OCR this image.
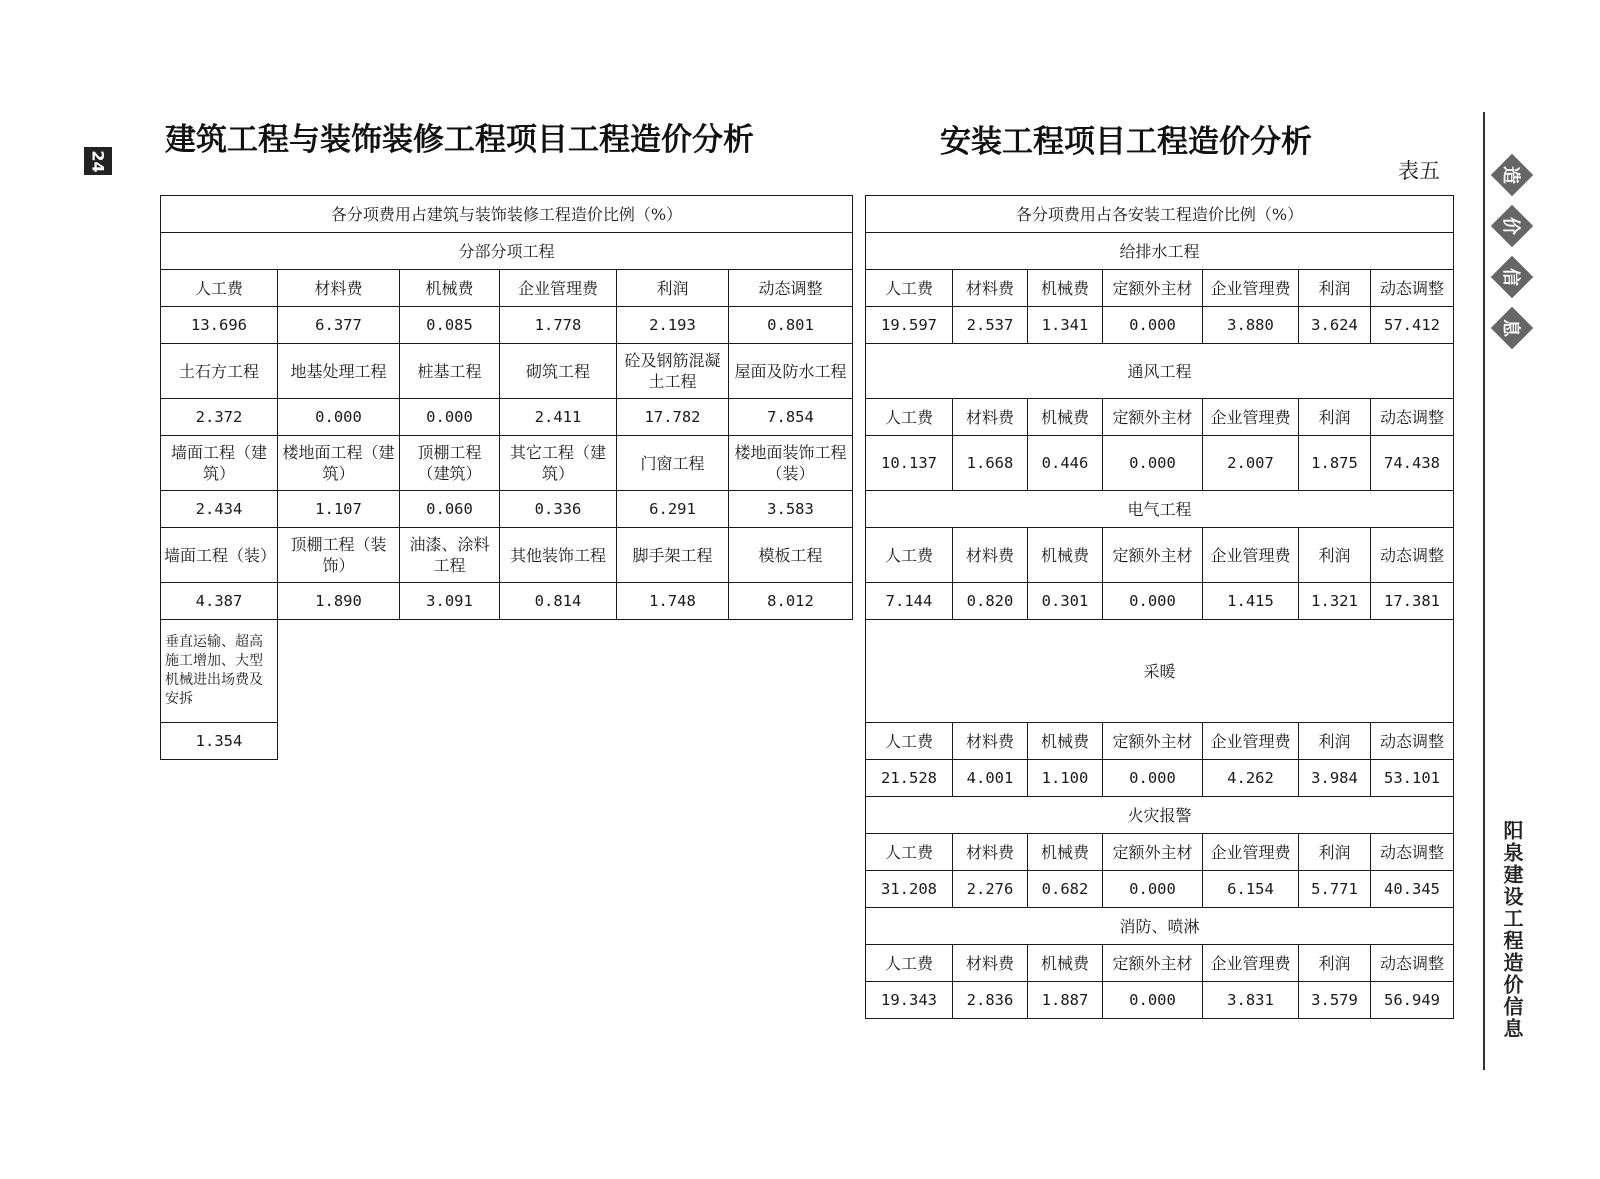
24
建筑工程与装饰装修工程项目工程造价分析	安装工程项目工程造价分析
表五
各分项费用占建筑与装饰装修工程造价比例（%）					
分部分项工程					
人工费	材料费	机械费	企业管理费	利润	动态调整
13.696	6.377	0.085	1.778	2.193	0.801
土石方工程	地基处理工程	桩基工程	砌筑工程	砼及钢筋混凝土工程	屋面及防水工程
2.372	0.000	0.000	2.411	17.782	7.854
墙面工程（建筑）	楼地面工程（建筑）	顶棚工程（建筑）	其它工程（建筑）	门窗工程	楼地面装饰工程（装）
2.434	1.107	0.060	0.336	6.291	3.583
墙面工程（装）	顶棚工程（装饰）	油漆、涂料工程	其他装饰工程	脚手架工程	模板工程
4.387	1.890	3.091	0.814	1.748	8.012
垂直运输、超高施工增加、大型机械进出场费及安拆					
1.354					
各分项费用占各安装工程造价比例（%）						
给排水工程						
人工费	材料费	机械费	定额外主材	企业管理费	利润	动态调整
19.597	2.537	1.341	0.000	3.880	3.624	57.412
通风工程						
人工费	材料费	机械费	定额外主材	企业管理费	利润	动态调整
10.137	1.668	0.446	0.000	2.007	1.875	74.438
电气工程						
人工费	材料费	机械费	定额外主材	企业管理费	利润	动态调整
7.144	0.820	0.301	0.000	1.415	1.321	17.381
采暖						
人工费	材料费	机械费	定额外主材	企业管理费	利润	动态调整
21.528	4.001	1.100	0.000	4.262	3.984	53.101
火灾报警						
人工费	材料费	机械费	定额外主材	企业管理费	利润	动态调整
31.208	2.276	0.682	0.000	6.154	5.771	40.345
消防、喷淋						
人工费	材料费	机械费	定额外主材	企业管理费	利润	动态调整
19.343	2.836	1.887	0.000	3.831	3.579	56.949
造
价
信
息
阳泉建设工程造价信息
